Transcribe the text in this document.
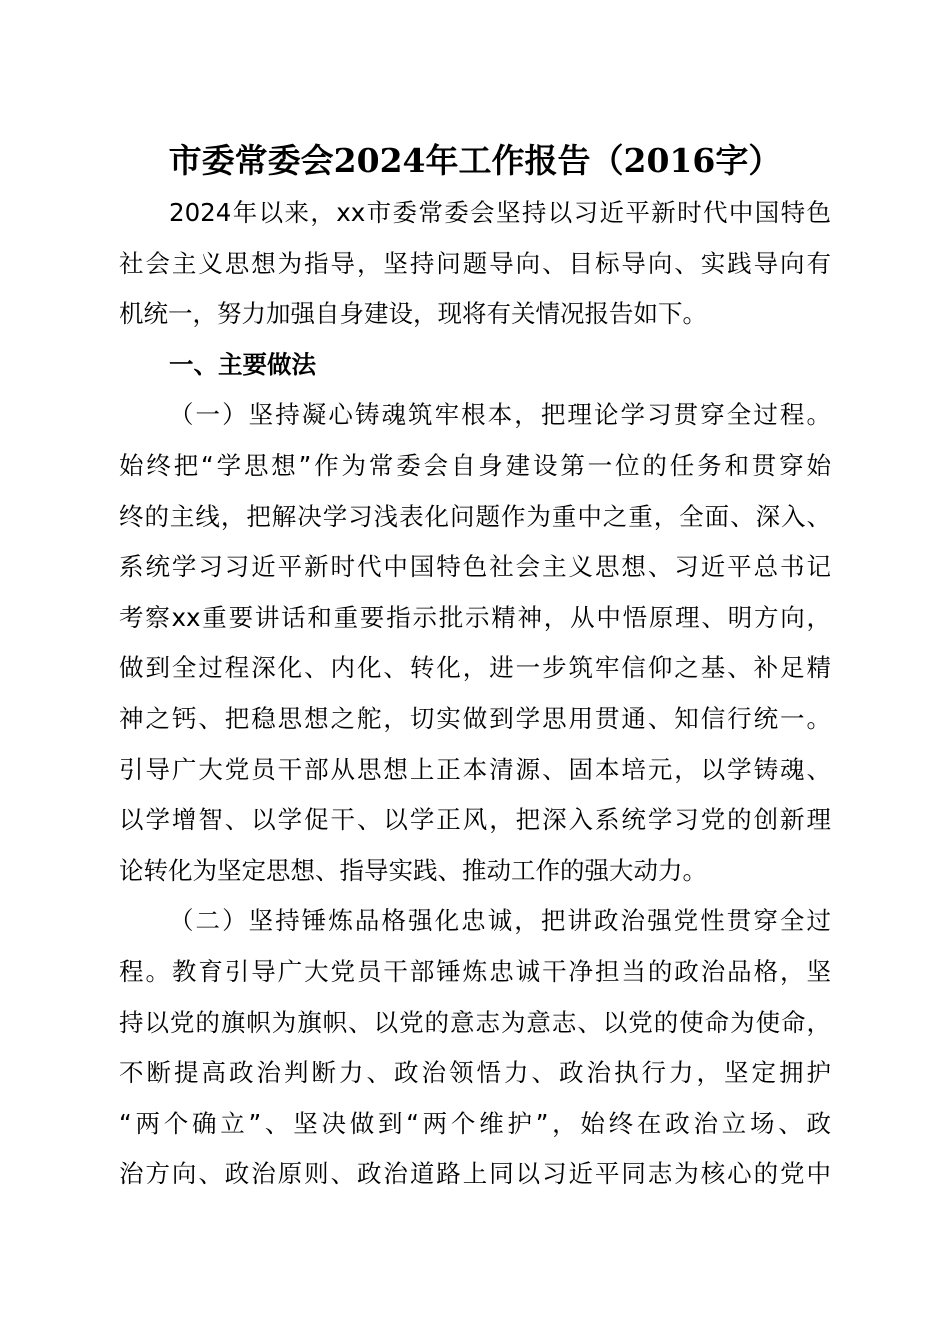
市委常委会2024年工作报告（2016字）
2024年以来，xx市委常委会坚持以习近平新时代中国特色
社会主义思想为指导，坚持问题导向、目标导向、实践导向有
机统一，努力加强自身建设，现将有关情况报告如下。
一、主要做法
（一）坚持凝心铸魂筑牢根本，把理论学习贯穿全过程。
始终把“学思想”作为常委会自身建设第一位的任务和贯穿始
终的主线，把解决学习浅表化问题作为重中之重，全面、深入、
系统学习习近平新时代中国特色社会主义思想、习近平总书记
考察xx重要讲话和重要指示批示精神，从中悟原理、明方向，
做到全过程深化、内化、转化，进一步筑牢信仰之基、补足精
神之钙、把稳思想之舵，切实做到学思用贯通、知信行统一。
引导广大党员干部从思想上正本清源、固本培元，以学铸魂、
以学增智、以学促干、以学正风，把深入系统学习党的创新理
论转化为坚定思想、指导实践、推动工作的强大动力。
（二）坚持锤炼品格强化忠诚，把讲政治强党性贯穿全过
程。教育引导广大党员干部锤炼忠诚干净担当的政治品格，坚
持以党的旗帜为旗帜、以党的意志为意志、以党的使命为使命，
不断提高政治判断力、政治领悟力、政治执行力，坚定拥护
“两个确立”、坚决做到“两个维护”，始终在政治立场、政
治方向、政治原则、政治道路上同以习近平同志为核心的党中
